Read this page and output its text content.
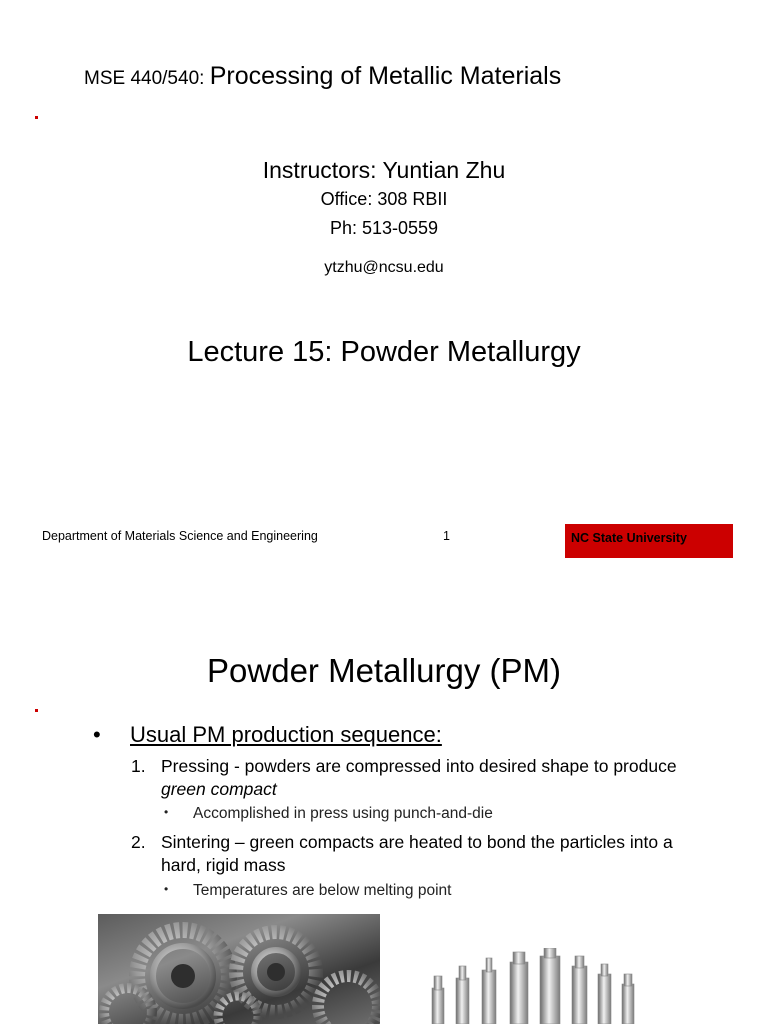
MSE 440/540: Processing of Metallic Materials
Instructors: Yuntian Zhu
Office: 308 RBII
Ph: 513-0559
ytzhu@ncsu.edu
Lecture 15: Powder Metallurgy
Department of Materials Science and Engineering	1	NC State University
Powder Metallurgy (PM)
• Usual PM production sequence:
1. Pressing - powders are compressed into desired shape to produce green compact
• Accomplished in press using punch-and-die
2. Sintering – green compacts are heated to bond the particles into a hard, rigid mass
• Temperatures are below melting point
